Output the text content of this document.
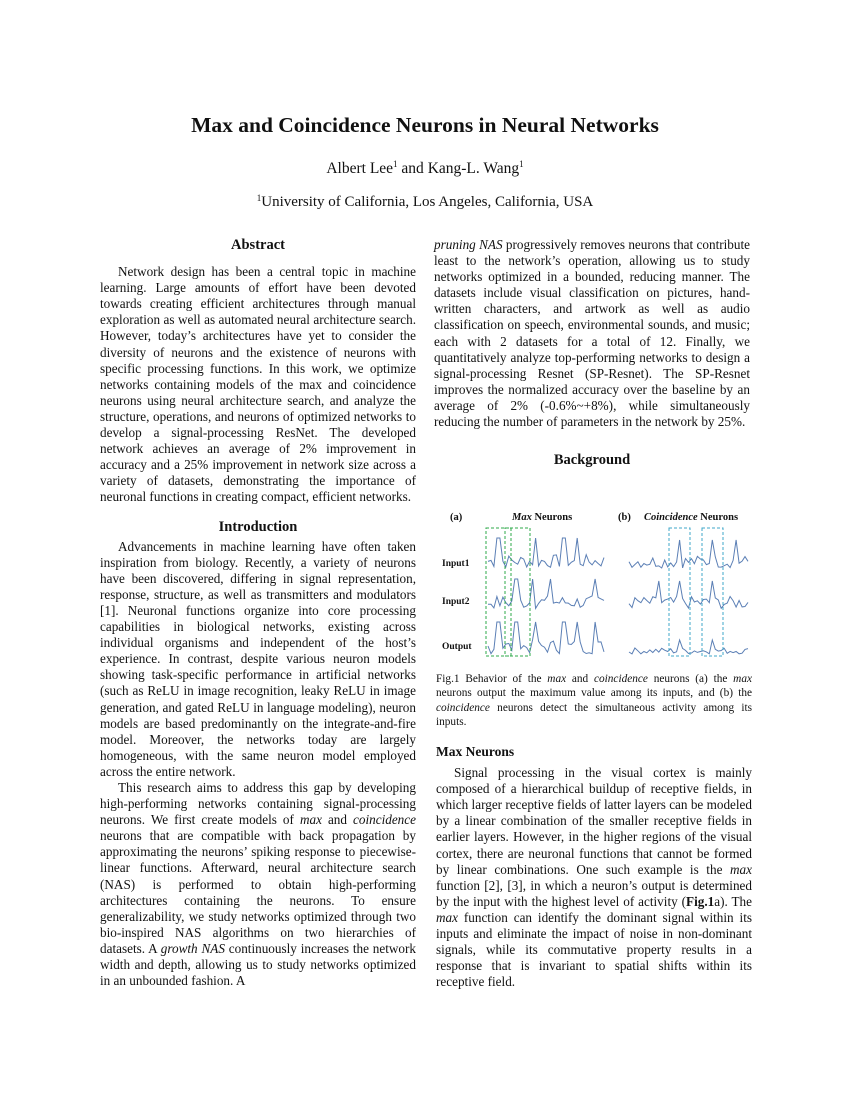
Max and Coincidence Neurons in Neural Networks
Albert Lee$^1$ and Kang-L. Wang$^1$
$^1$University of California, Los Angeles, California, USA
Abstract

Network design has been a central topic in machine learning. Large amounts of effort have been devoted towards creating efficient architectures through manual exploration as well as automated neural architecture search. However, today’s architectures have yet to consider the diversity of neurons and the existence of neurons with specific processing functions. In this work, we optimize networks containing models of the max and coincidence neurons using neural architecture search, and analyze the structure, operations, and neurons of optimized networks to develop a signal-processing ResNet. The developed network achieves an average of 2% improvement in accuracy and a 25% improvement in network size across a variety of datasets, demonstrating the importance of neuronal functions in creating compact, efficient networks.

Introduction

Advancements in machine learning have often taken inspiration from biology. Recently, a variety of neurons have been discovered, differing in signal representation, response, structure, as well as transmitters and modulators [1]. Neuronal functions organize into core processing capabilities in biological networks, existing across individual organisms and independent of the host’s experience. In contrast, despite various neuron models showing task-specific performance in artificial networks (such as ReLU in image recognition, leaky ReLU in image generation, and gated ReLU in language modeling), neuron models are based predominantly on the integrate-and-fire model. Moreover, the networks today are largely homogeneous, with the same neuron model employed across the entire network.

This research aims to address this gap by developing high-performing networks containing signal-processing neurons. We first create models of max and coincidence neurons that are compatible with back propagation by approximating the neurons’ spiking response to piecewise-linear functions. Afterward, neural architecture search (NAS) is performed to obtain high-performing architectures containing the neurons. To ensure generalizability, we study networks optimized through two bio-inspired NAS algorithms on two hierarchies of datasets. A growth NAS continuously increases the network width and depth, allowing us to study networks optimized in an unbounded fashion. A

pruning NAS progressively removes neurons that contribute least to the network’s operation, allowing us to study networks optimized in a bounded, reducing manner. The datasets include visual classification on pictures, hand-written characters, and artwork as well as audio classification on speech, environmental sounds, and music; each with 2 datasets for a total of 12. Finally, we quantitatively analyze top-performing networks to design a signal-processing Resnet (SP-Resnet). The SP-Resnet improves the normalized accuracy over the baseline by an average of 2% (-0.6%~+8%), while simultaneously reducing the number of parameters in the network by 25%.

Background
(a)	Max Neurons	(b) Coincidence Neurons
Input1
Input2
Output
Fig.1 Behavior of the max and coincidence neurons (a) the max neurons output the maximum value among its inputs, and (b) the coincidence neurons detect the simultaneous activity among its inputs.
Max Neurons

Signal processing in the visual cortex is mainly composed of a hierarchical buildup of receptive fields, in which larger receptive fields of latter layers can be modeled by a linear combination of the smaller receptive fields in earlier layers. However, in the higher regions of the visual cortex, there are neuronal functions that cannot be formed by linear combinations. One such example is the max function [2], [3], in which a neuron’s output is determined by the input with the highest level of activity (Fig.1a). The max function can identify the dominant signal within its inputs and eliminate the impact of noise in non-dominant signals, while its commutative property results in a response that is invariant to spatial shifts within its receptive field.
